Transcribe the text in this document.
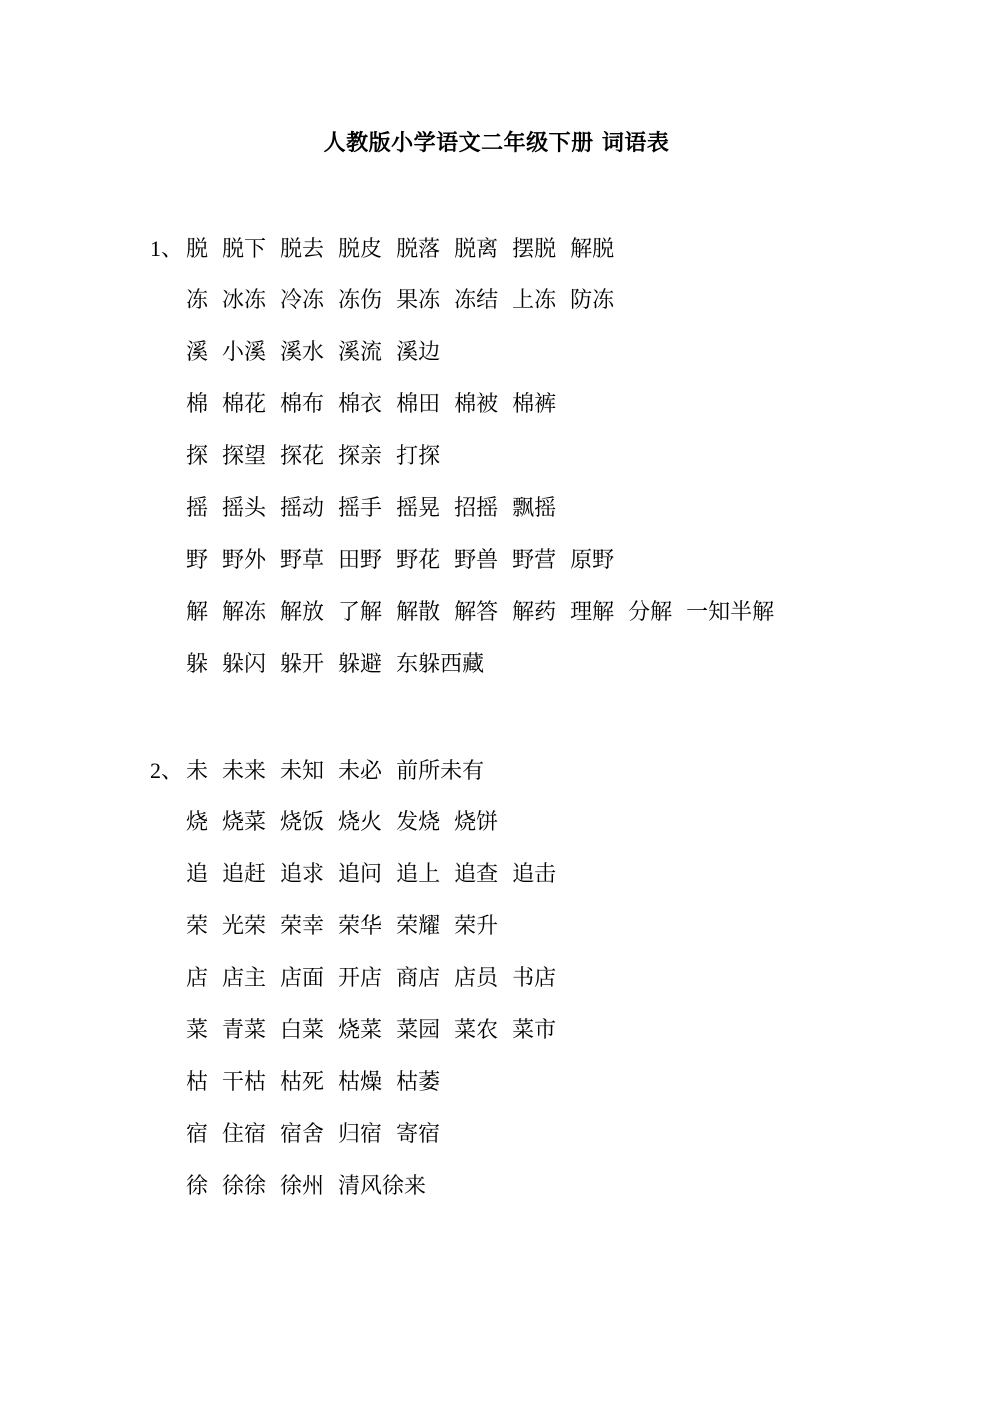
人教版小学语文二年级下册 词语表
1、 脱 脱下 脱去 脱皮 脱落 脱离 摆脱 解脱
冻 冰冻 冷冻 冻伤 果冻 冻结 上冻 防冻
溪 小溪 溪水 溪流 溪边
棉 棉花 棉布 棉衣 棉田 棉被 棉裤
探 探望 探花 探亲 打探
摇 摇头 摇动 摇手 摇晃 招摇 飘摇
野 野外 野草 田野 野花 野兽 野营 原野
解 解冻 解放 了解 解散 解答 解药 理解 分解 一知半解
躲 躲闪 躲开 躲避 东躲西藏
2、 未 未来 未知 未必 前所未有
烧 烧菜 烧饭 烧火 发烧 烧饼
追 追赶 追求 追问 追上 追查 追击
荣 光荣 荣幸 荣华 荣耀 荣升
店 店主 店面 开店 商店 店员 书店
菜 青菜 白菜 烧菜 菜园 菜农 菜市
枯 干枯 枯死 枯燥 枯萎
宿 住宿 宿舍 归宿 寄宿
徐 徐徐 徐州 清风徐来
